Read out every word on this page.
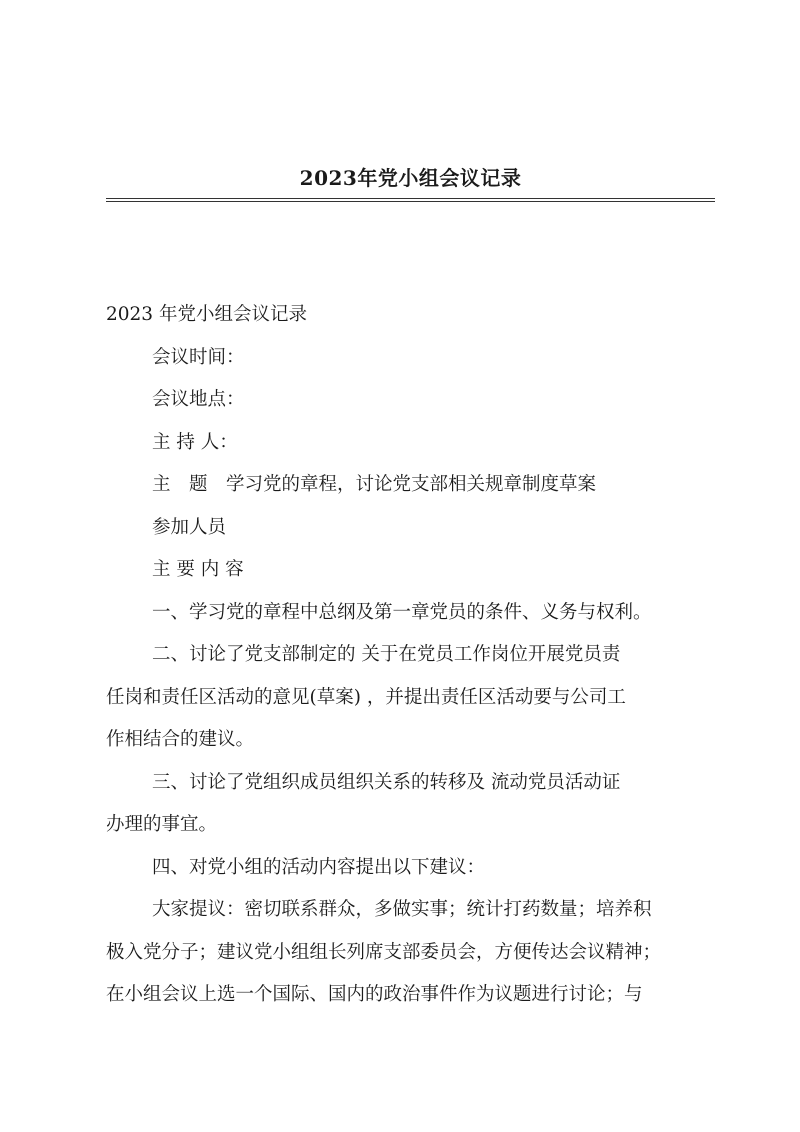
2023年党小组会议记录
2023 年党小组会议记录
会议时间：
会议地点：
主 持 人：
主　题　学习党的章程，讨论党支部相关规章制度草案
参加人员
主 要 内 容
一、学习党的章程中总纲及第一章党员的条件、义务与权利。
二、讨论了党支部制定的 关于在党员工作岗位开展党员责
任岗和责任区活动的意见(草案) ，并提出责任区活动要与公司工
作相结合的建议。
三、讨论了党组织成员组织关系的转移及 流动党员活动证
办理的事宜。
四、对党小组的活动内容提出以下建议：
大家提议：密切联系群众，多做实事；统计打药数量；培养积
极入党分子；建议党小组组长列席支部委员会，方便传达会议精神；
在小组会议上选一个国际、国内的政治事件作为议题进行讨论；与
